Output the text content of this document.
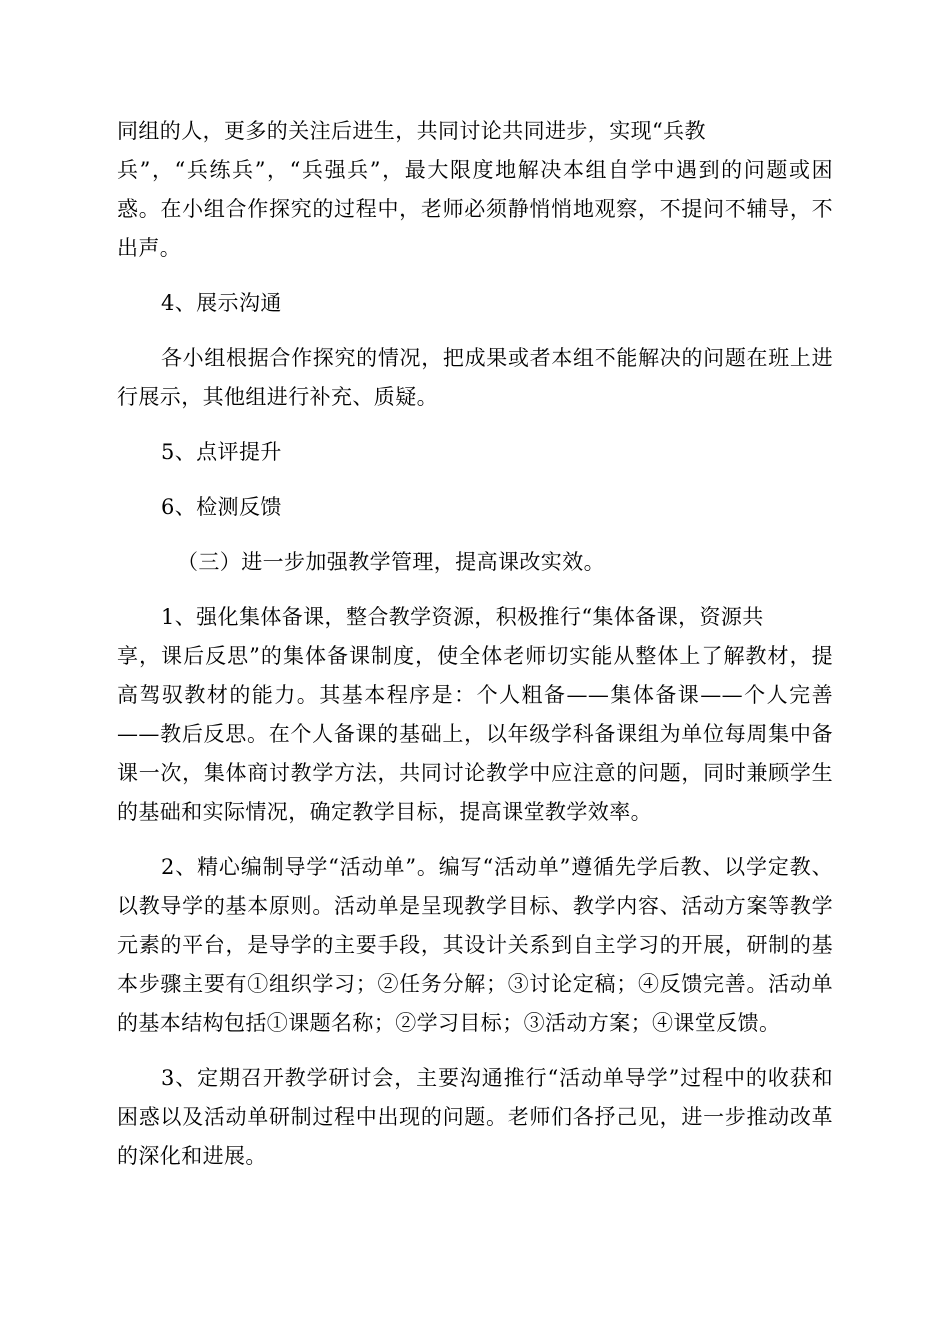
同组的人，更多的关注后进生，共同讨论共同进步，实现“兵教
兵”，“兵练兵”，“兵强兵”，最大限度地解决本组自学中遇到的问题或困惑。在小组合作探究的过程中，老师必须静悄悄地观察，不提问不辅导，不出声。

4、展示沟通

各小组根据合作探究的情况，把成果或者本组不能解决的问题在班上进行展示，其他组进行补充、质疑。

5、点评提升

6、检测反馈

（三）进一步加强教学管理，提高课改实效。

1、强化集体备课，整合教学资源，积极推行“集体备课，资源共
享，课后反思”的集体备课制度，使全体老师切实能从整体上了解教材，提高驾驭教材的能力。其基本程序是：个人粗备——集体备课——个人完善——教后反思。在个人备课的基础上，以年级学科备课组为单位每周集中备课一次，集体商讨教学方法，共同讨论教学中应注意的问题，同时兼顾学生的基础和实际情况，确定教学目标，提高课堂教学效率。

2、精心编制导学“活动单”。编写“活动单”遵循先学后教、以学定教、以教导学的基本原则。活动单是呈现教学目标、教学内容、活动方案等教学元素的平台，是导学的主要手段，其设计关系到自主学习的开展，研制的基本步骤主要有①组织学习；②任务分解；③讨论定稿；④反馈完善。活动单的基本结构包括①课题名称；②学习目标；③活动方案；④课堂反馈。

3、定期召开教学研讨会，主要沟通推行“活动单导学”过程中的收获和困惑以及活动单研制过程中出现的问题。老师们各抒己见，进一步推动改革的深化和进展。
